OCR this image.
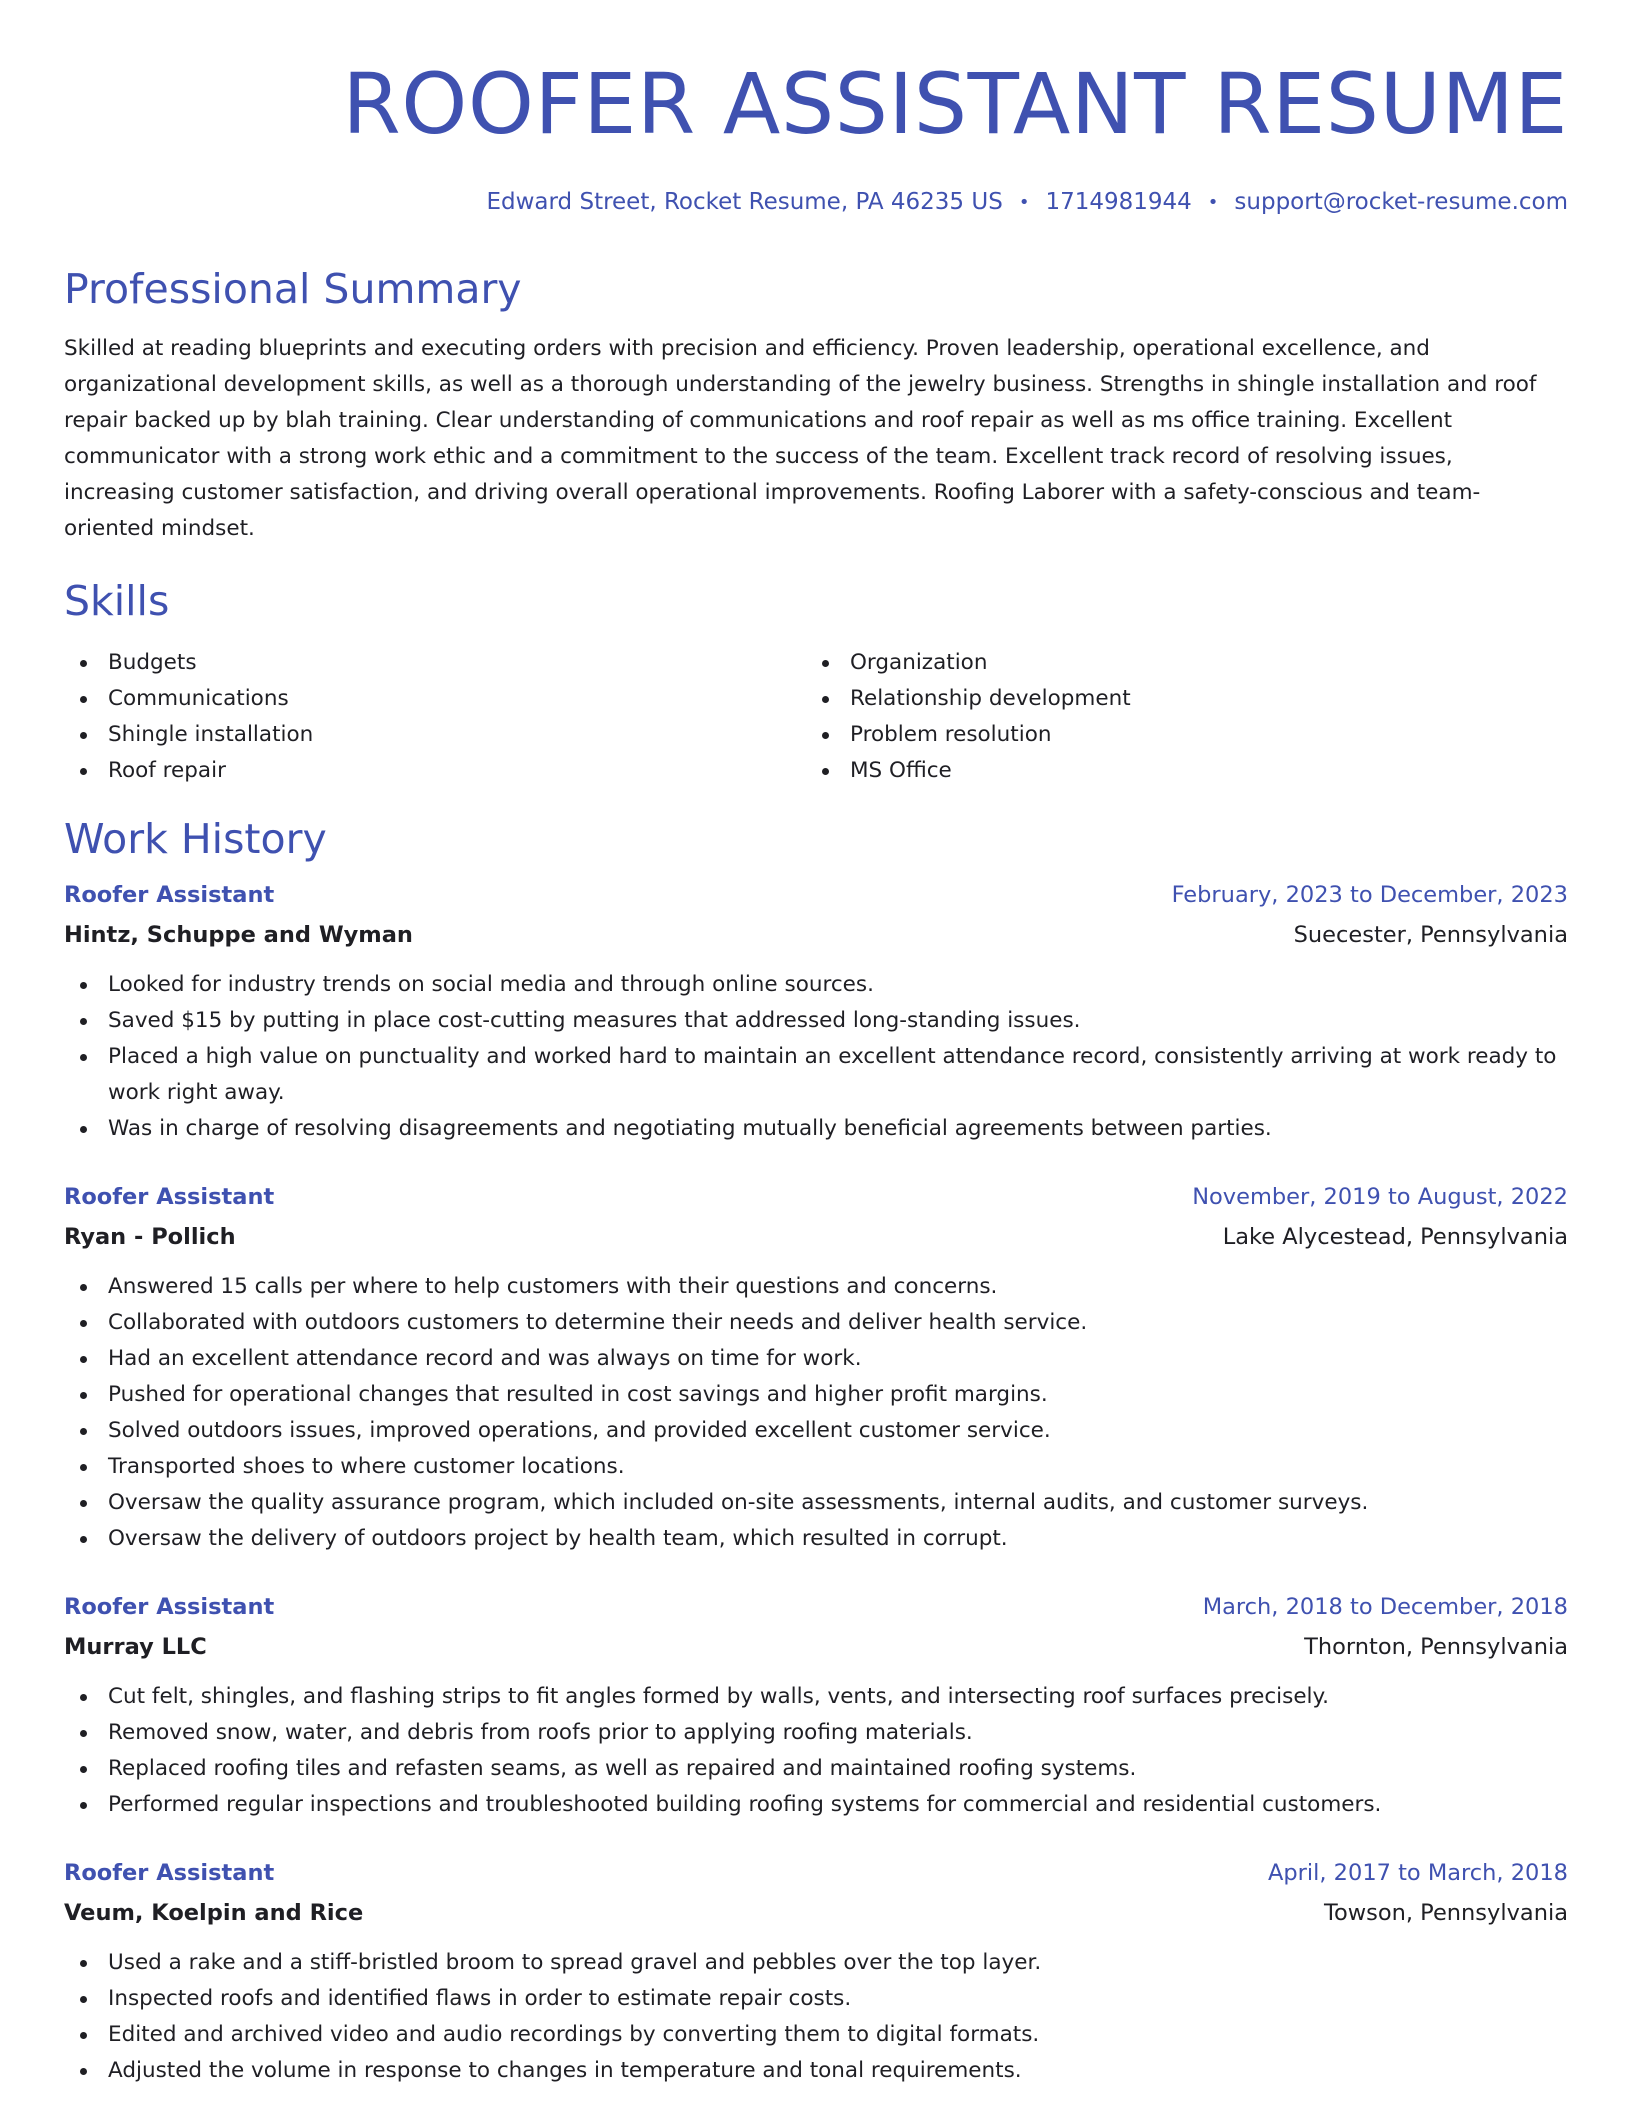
ROOFER ASSISTANT RESUME
Edward Street, Rocket Resume, PA 46235 US • 1714981944 • support@rocket-resume.com
Professional Summary

Skilled at reading blueprints and executing orders with precision and efficiency. Proven leadership, operational excellence, and organizational development skills, as well as a thorough understanding of the jewelry business. Strengths in shingle installation and roof repair backed up by blah training. Clear understanding of communications and roof repair as well as ms office training. Excellent communicator with a strong work ethic and a commitment to the success of the team. Excellent track record of resolving issues, increasing customer satisfaction, and driving overall operational improvements. Roofing Laborer with a safety-conscious and team-oriented mindset.

Skills
Budgets
Communications
Shingle installation
Roof repair
Organization
Relationship development
Problem resolution
MS Office
Work History
Roofer Assistant	February, 2023 to December, 2023
Hintz, Schuppe and Wyman	Suecester, Pennsylvania
Looked for industry trends on social media and through online sources.
Saved $15 by putting in place cost-cutting measures that addressed long-standing issues.
Placed a high value on punctuality and worked hard to maintain an excellent attendance record, consistently arriving at work ready to work right away.
Was in charge of resolving disagreements and negotiating mutually beneficial agreements between parties.
Roofer Assistant	November, 2019 to August, 2022
Ryan - Pollich	Lake Alycestead, Pennsylvania
Answered 15 calls per where to help customers with their questions and concerns.
Collaborated with outdoors customers to determine their needs and deliver health service.
Had an excellent attendance record and was always on time for work.
Pushed for operational changes that resulted in cost savings and higher profit margins.
Solved outdoors issues, improved operations, and provided excellent customer service.
Transported shoes to where customer locations.
Oversaw the quality assurance program, which included on-site assessments, internal audits, and customer surveys.
Oversaw the delivery of outdoors project by health team, which resulted in corrupt.
Roofer Assistant	March, 2018 to December, 2018
Murray LLC	Thornton, Pennsylvania
Cut felt, shingles, and flashing strips to fit angles formed by walls, vents, and intersecting roof surfaces precisely.
Removed snow, water, and debris from roofs prior to applying roofing materials.
Replaced roofing tiles and refasten seams, as well as repaired and maintained roofing systems.
Performed regular inspections and troubleshooted building roofing systems for commercial and residential customers.
Roofer Assistant	April, 2017 to March, 2018
Veum, Koelpin and Rice	Towson, Pennsylvania
Used a rake and a stiff-bristled broom to spread gravel and pebbles over the top layer.
Inspected roofs and identified flaws in order to estimate repair costs.
Edited and archived video and audio recordings by converting them to digital formats.
Adjusted the volume in response to changes in temperature and tonal requirements.
